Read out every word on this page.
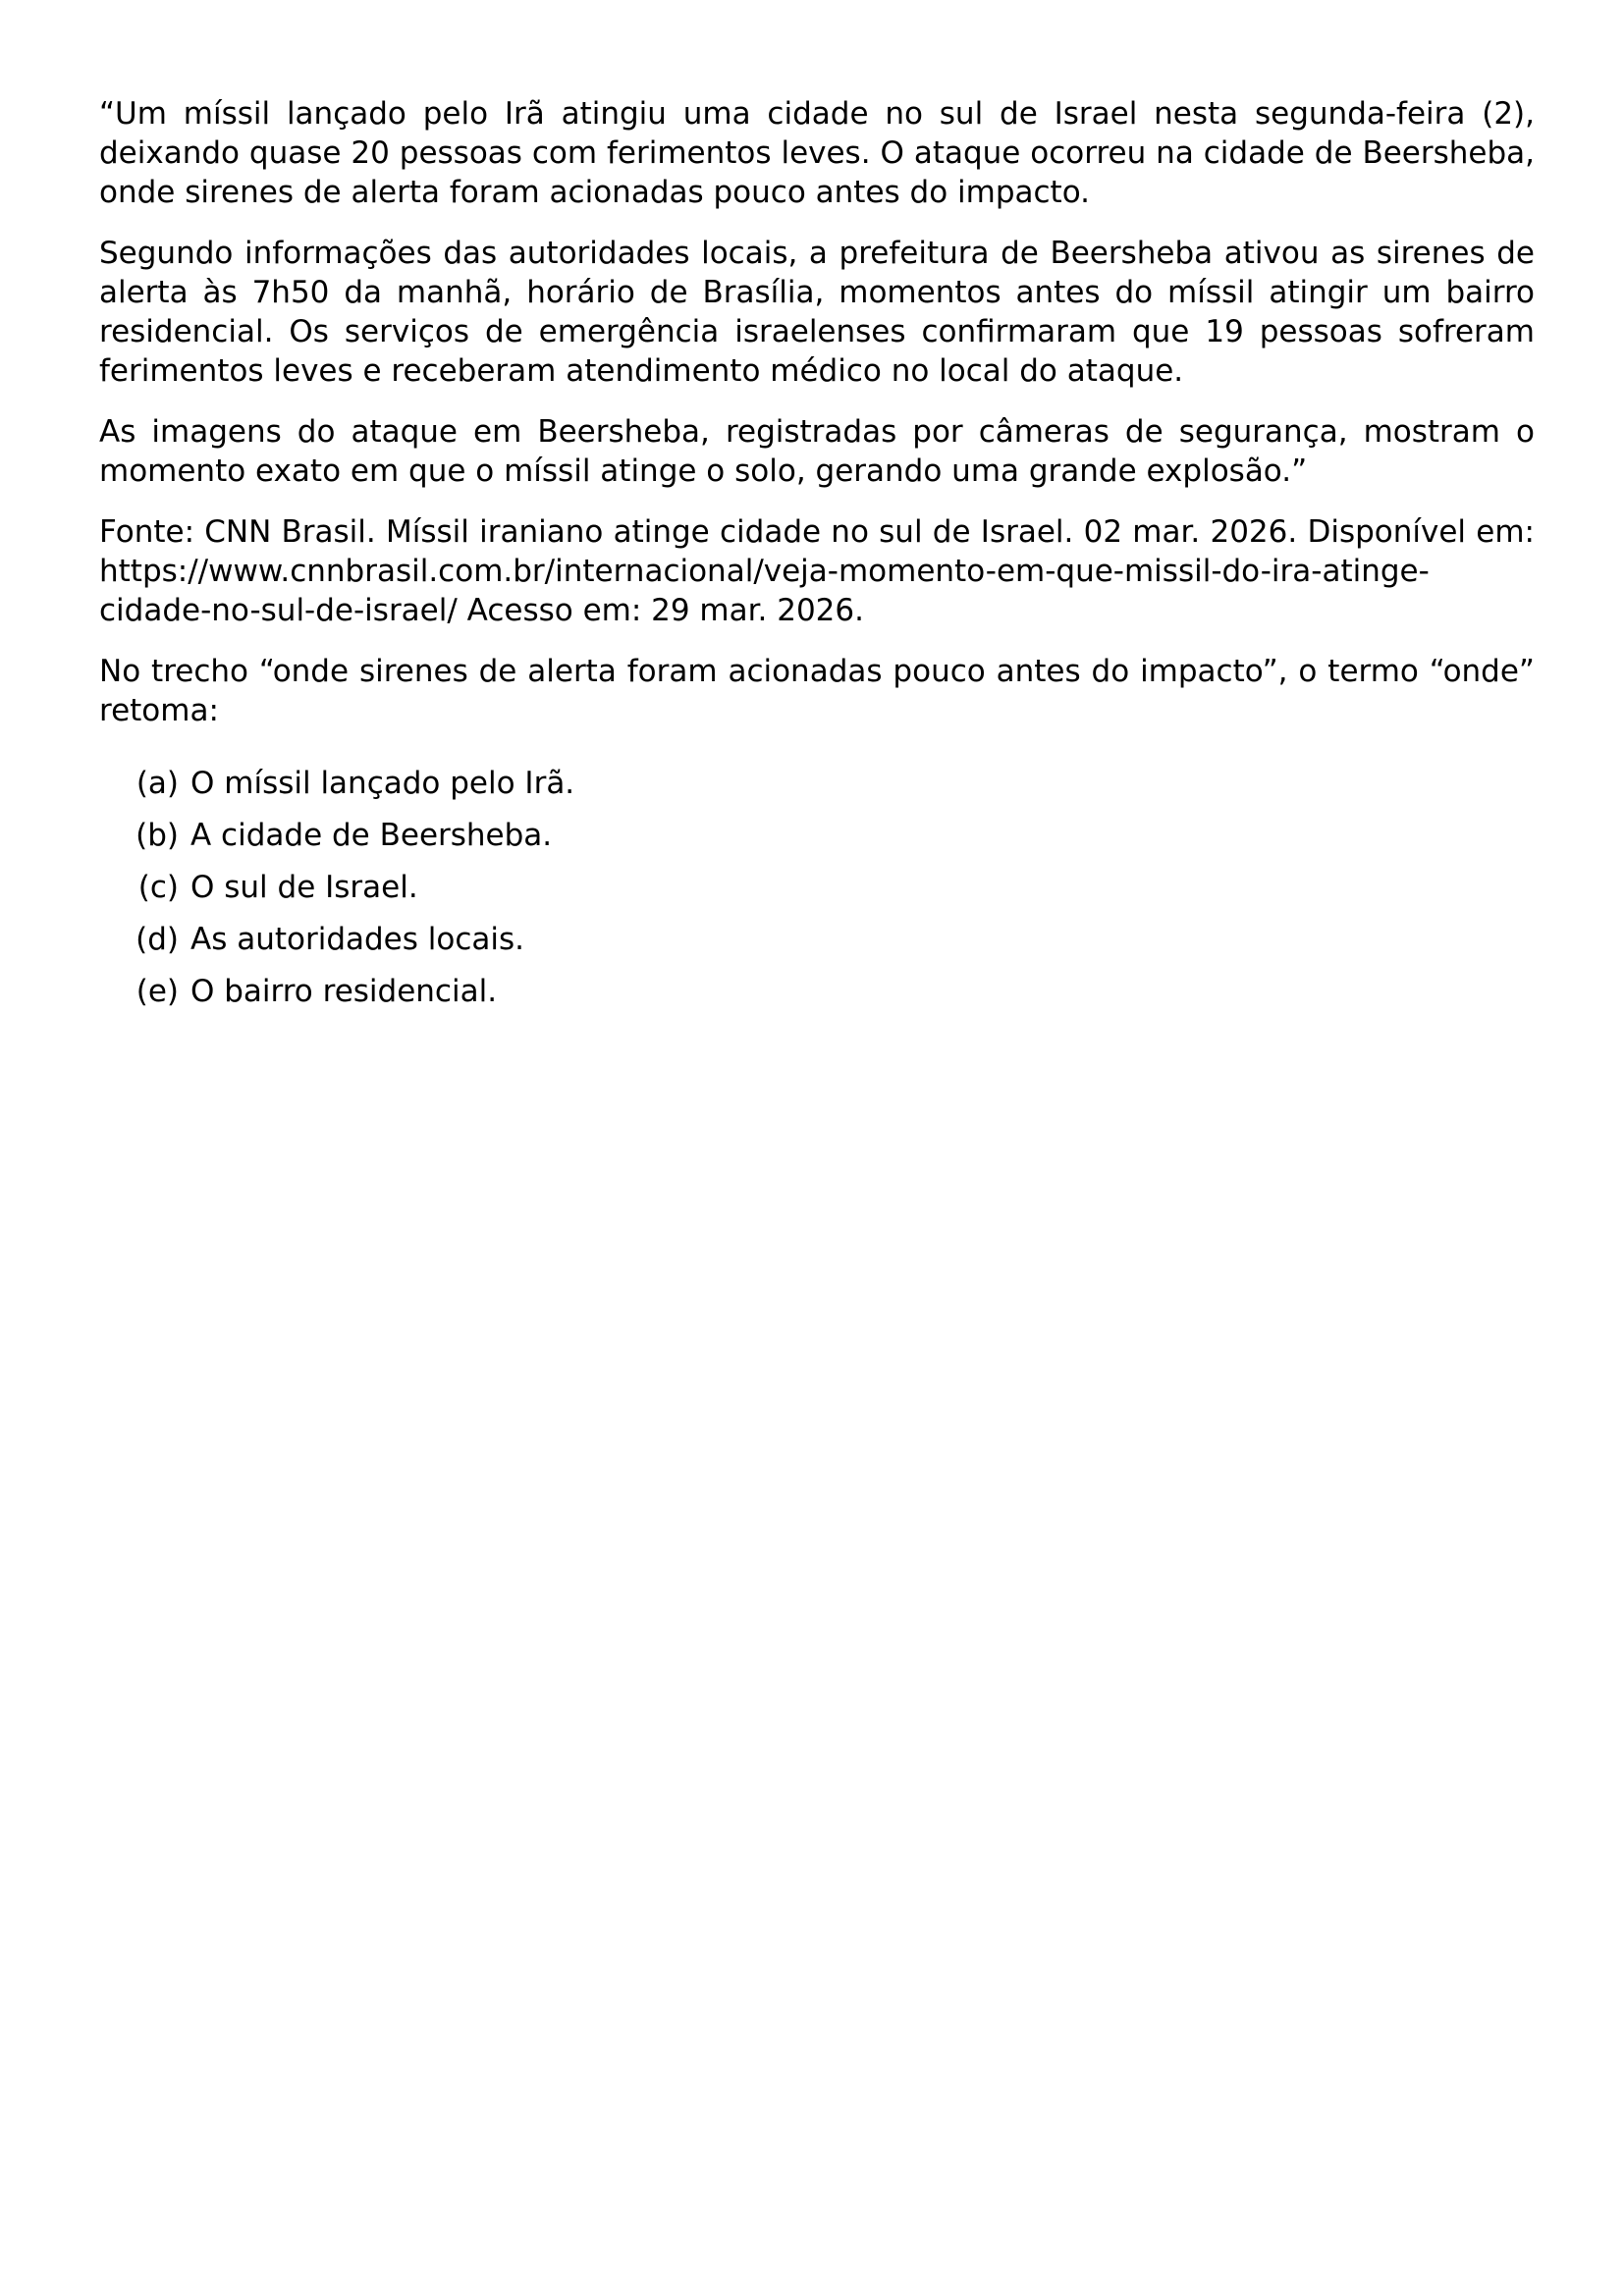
“Um míssil lançado pelo Irã atingiu uma cidade no sul de Israel nesta segunda-feira (2), deixando quase 20 pessoas com ferimentos leves. O ataque ocorreu na cidade de Beersheba, onde sirenes de alerta foram acionadas pouco antes do impacto.

Segundo informações das autoridades locais, a prefeitura de Beersheba ativou as sirenes de alerta às 7h50 da manhã, horário de Brasília, momentos antes do míssil atingir um bairro residencial. Os serviços de emergência israelenses confirmaram que 19 pessoas sofreram ferimentos leves e receberam atendimento médico no local do ataque.

As imagens do ataque em Beersheba, registradas por câmeras de segurança, mostram o momento exato em que o míssil atinge o solo, gerando uma grande explosão.”

Fonte: CNN Brasil. Míssil iraniano atinge cidade no sul de Israel. 02 mar. 2026. Disponível em: https://www.cnnbrasil.com.br/internacional/veja-momento-em-que-missil-do-i​ra-atinge-cidade-no-sul-de-israel/ Acesso em: 29 mar. 2026.

No trecho “onde sirenes de alerta foram acionadas pouco antes do impacto”, o termo “onde” retoma:

(a) O míssil lançado pelo Irã.
(b) A cidade de Beersheba.
(c) O sul de Israel.
(d) As autoridades locais.
(e) O bairro residencial.
